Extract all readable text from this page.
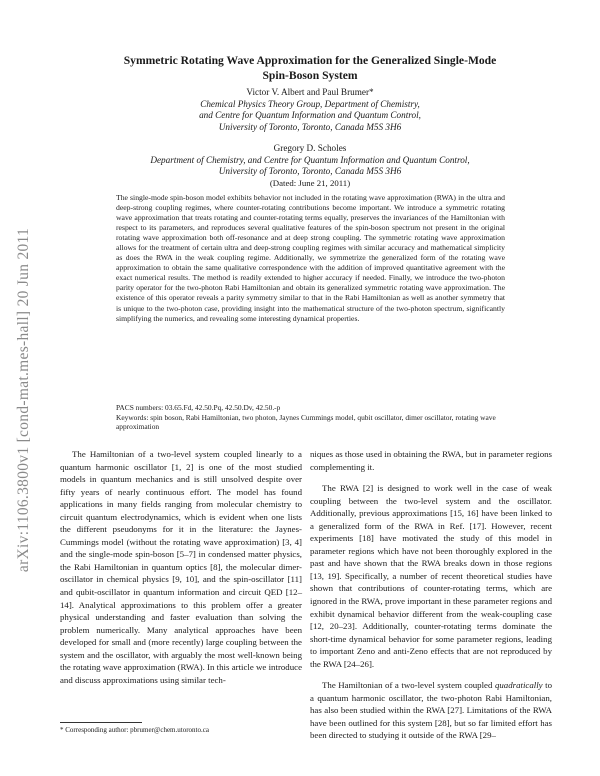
arXiv:1106.3800v1 [cond-mat.mes-hall] 20 Jun 2011
Symmetric Rotating Wave Approximation for the Generalized Single-Mode
Spin-Boson System
Victor V. Albert and Paul Brumer*
Chemical Physics Theory Group, Department of Chemistry,
and Centre for Quantum Information and Quantum Control,
University of Toronto, Toronto, Canada M5S 3H6
Gregory D. Scholes
Department of Chemistry, and Centre for Quantum Information and Quantum Control,
University of Toronto, Toronto, Canada M5S 3H6
(Dated: June 21, 2011)

The single-mode spin-boson model exhibits behavior not included in the rotating wave approximation (RWA) in the ultra and deep-strong coupling regimes, where counter-rotating contributions become important. We introduce a symmetric rotating wave approximation that treats rotating and counter-rotating terms equally, preserves the invariances of the Hamiltonian with respect to its parameters, and reproduces several qualitative features of the spin-boson spectrum not present in the original rotating wave approximation both off-resonance and at deep strong coupling. The symmetric rotating wave approximation allows for the treatment of certain ultra and deep-strong coupling regimes with similar accuracy and mathematical simplicity as does the RWA in the weak coupling regime. Additionally, we symmetrize the generalized form of the rotating wave approximation to obtain the same qualitative correspondence with the addition of improved quantitative agreement with the exact numerical results. The method is readily extended to higher accuracy if needed. Finally, we introduce the two-photon parity operator for the two-photon Rabi Hamiltonian and obtain its generalized symmetric rotating wave approximation. The existence of this operator reveals a parity symmetry similar to that in the Rabi Hamiltonian as well as another symmetry that is unique to the two-photon case, providing insight into the mathematical structure of the two-photon spectrum, significantly simplifying the numerics, and revealing some interesting dynamical properties.

PACS numbers: 03.65.Fd, 42.50.Pq, 42.50.Dv, 42.50.-p

Keywords: spin boson, Rabi Hamiltonian, two photon, Jaynes Cummings model, qubit oscillator, dimer oscillator, rotating wave approximation

The Hamiltonian of a two-level system coupled linearly to a quantum harmonic oscillator [1, 2] is one of the most studied models in quantum mechanics and is still unsolved despite over fifty years of nearly continuous effort. The model has found applications in many fields ranging from molecular chemistry to circuit quantum electrodynamics, which is evident when one lists the different pseudonyms for it in the literature: the Jaynes-Cummings model (without the rotating wave approximation) [3, 4] and the single-mode spin-boson [5–7] in condensed matter physics, the Rabi Hamiltonian in quantum optics [8], the molecular dimer-oscillator in chemical physics [9, 10], and the spin-oscillator [11] and qubit-oscillator in quantum information and circuit QED [12–14]. Analytical approximations to this problem offer a greater physical understanding and faster evaluation than solving the problem numerically. Many analytical approaches have been developed for small and (more recently) large coupling between the system and the oscillator, with arguably the most well-known being the rotating wave approximation (RWA). In this article we introduce and discuss approximations using similar tech-

niques as those used in obtaining the RWA, but in parameter regions complementing it.

The RWA [2] is designed to work well in the case of weak coupling between the two-level system and the oscillator. Additionally, previous approximations [15, 16] have been linked to a generalized form of the RWA in Ref. [17]. However, recent experiments [18] have motivated the study of this model in parameter regions which have not been thoroughly explored in the past and have shown that the RWA breaks down in those regions [13, 19]. Specifically, a number of recent theoretical studies have shown that contributions of counter-rotating terms, which are ignored in the RWA, prove important in these parameter regions and exhibit dynamical behavior different from the weak-coupling case [12, 20–23]. Additionally, counter-rotating terms dominate the short-time dynamical behavior for some parameter regions, leading to important Zeno and anti-Zeno effects that are not reproduced by the RWA [24–26].

The Hamiltonian of a two-level system coupled quadratically to a quantum harmonic oscillator, the two-photon Rabi Hamiltonian, has also been studied within the RWA [27]. Limitations of the RWA have been outlined for this system [28], but so far limited effort has been directed to studying it outside of the RWA [29–

* Corresponding author: pbrumer@chem.utoronto.ca
